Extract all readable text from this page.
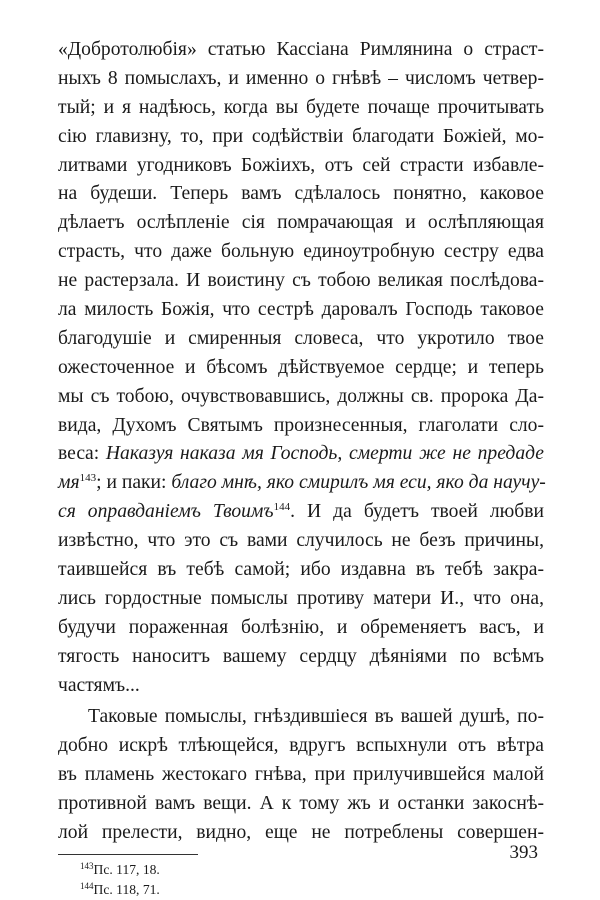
«Добротолюбія» статью Кассіана Римлянина о страст-
ныхъ 8 помыслахъ, и именно о гнѣвѣ – числомъ четвер-
тый; и я надѣюсь, когда вы будете почаще прочитывать
сію главизну, то, при содѣйствіи благодати Божіей, мо-
литвами угодниковъ Божіихъ, отъ сей страсти избавле-
на будеши. Теперь вамъ сдѣлалось понятно, каковое
дѣлаетъ ослѣпленіе сія помрачающая и ослѣпляющая
страсть, что даже больную единоутробную сестру едва
не растерзала. И воистину съ тобою великая послѣдова-
ла милость Божія, что сестрѣ даровалъ Господь таковое
благодушіе и смиренныя словеса, что укротило твое
ожесточенное и бѣсомъ дѣйствуемое сердце; и теперь
мы съ тобою, очувствовавшись, должны св. пророка Да-
вида, Духомъ Святымъ произнесенныя, глаголати сло-
весa: Наказуя наказа мя Господь, смерти же не предаде
мя$^{143}$; и паки: благо мнѣ, яко смирилъ мя еси, яко да научу-
ся оправданіемъ Твоимъ$^{144}$. И да будетъ твоей любви
извѣстно, что это съ вами случилось не безъ причины,
таившейся въ тебѣ самой; ибо издавна въ тебѣ закра-
лись гордостные помыслы противу матери И., что она,
будучи пораженная болѣзнію, и обременяетъ васъ, и
тягость наноситъ вашему сердцу дѣяніями по всѣмъ
частямъ...
Таковые помыслы, гнѣздившіеся въ вашей душѣ, по-
добно искрѣ тлѣющейся, вдругъ вспыхнули отъ вѣтра
въ пламень жестокагo гнѣва, при прилучившейся малой
противной вамъ вещи. А к тому жъ и останки закоснѣ-
лой прелести, видно, еще не потреблены совершен-
$^{143}$Пс. 117, 18.
$^{144}$Пс. 118, 71.
393
